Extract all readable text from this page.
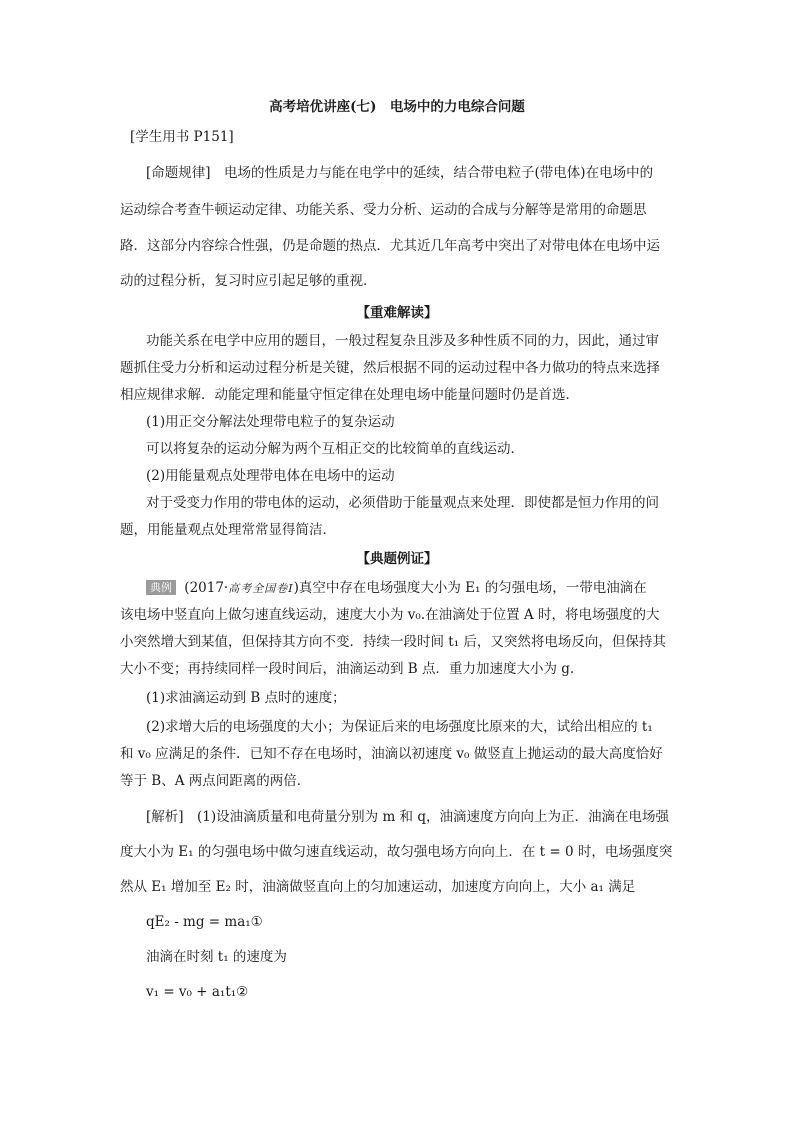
高考培优讲座(七)　电场中的力电综合问题
[学生用书 P151]
[命题规律]　电场的性质是力与能在电学中的延续，结合带电粒子(带电体)在电场中的
运动综合考查牛顿运动定律、功能关系、受力分析、运动的合成与分解等是常用的命题思
路．这部分内容综合性强，仍是命题的热点．尤其近几年高考中突出了对带电体在电场中运
动的过程分析，复习时应引起足够的重视．
【重难解读】
功能关系在电学中应用的题目，一般过程复杂且涉及多种性质不同的力，因此，通过审
题抓住受力分析和运动过程分析是关键，然后根据不同的运动过程中各力做功的特点来选择
相应规律求解．动能定理和能量守恒定律在处理电场中能量问题时仍是首选．
(1)用正交分解法处理带电粒子的复杂运动
可以将复杂的运动分解为两个互相正交的比较简单的直线运动．
(2)用能量观点处理带电体在电场中的运动
对于受变力作用的带电体的运动，必须借助于能量观点来处理．即使都是恒力作用的问
题，用能量观点处理常常显得简洁．
【典题例证】
典例 (2017·高考全国卷Ⅰ)真空中存在电场强度大小为 E₁ 的匀强电场，一带电油滴在
该电场中竖直向上做匀速直线运动，速度大小为 v₀.在油滴处于位置 A 时，将电场强度的大
小突然增大到某值，但保持其方向不变．持续一段时间 t₁ 后，又突然将电场反向，但保持其
大小不变；再持续同样一段时间后，油滴运动到 B 点．重力加速度大小为 g.
(1)求油滴运动到 B 点时的速度；
(2)求增大后的电场强度的大小；为保证后来的电场强度比原来的大，试给出相应的 t₁
和 v₀ 应满足的条件．已知不存在电场时，油滴以初速度 v₀ 做竖直上抛运动的最大高度恰好
等于 B、A 两点间距离的两倍．
[解析]　(1)设油滴质量和电荷量分别为 m 和 q，油滴速度方向向上为正．油滴在电场强
度大小为 E₁ 的匀强电场中做匀速直线运动，故匀强电场方向向上．在 t = 0 时，电场强度突
然从 E₁ 增加至 E₂ 时，油滴做竖直向上的匀加速运动，加速度方向向上，大小 a₁ 满足
qE₂ - mg = ma₁①
油滴在时刻 t₁ 的速度为
v₁ = v₀ + a₁t₁②
